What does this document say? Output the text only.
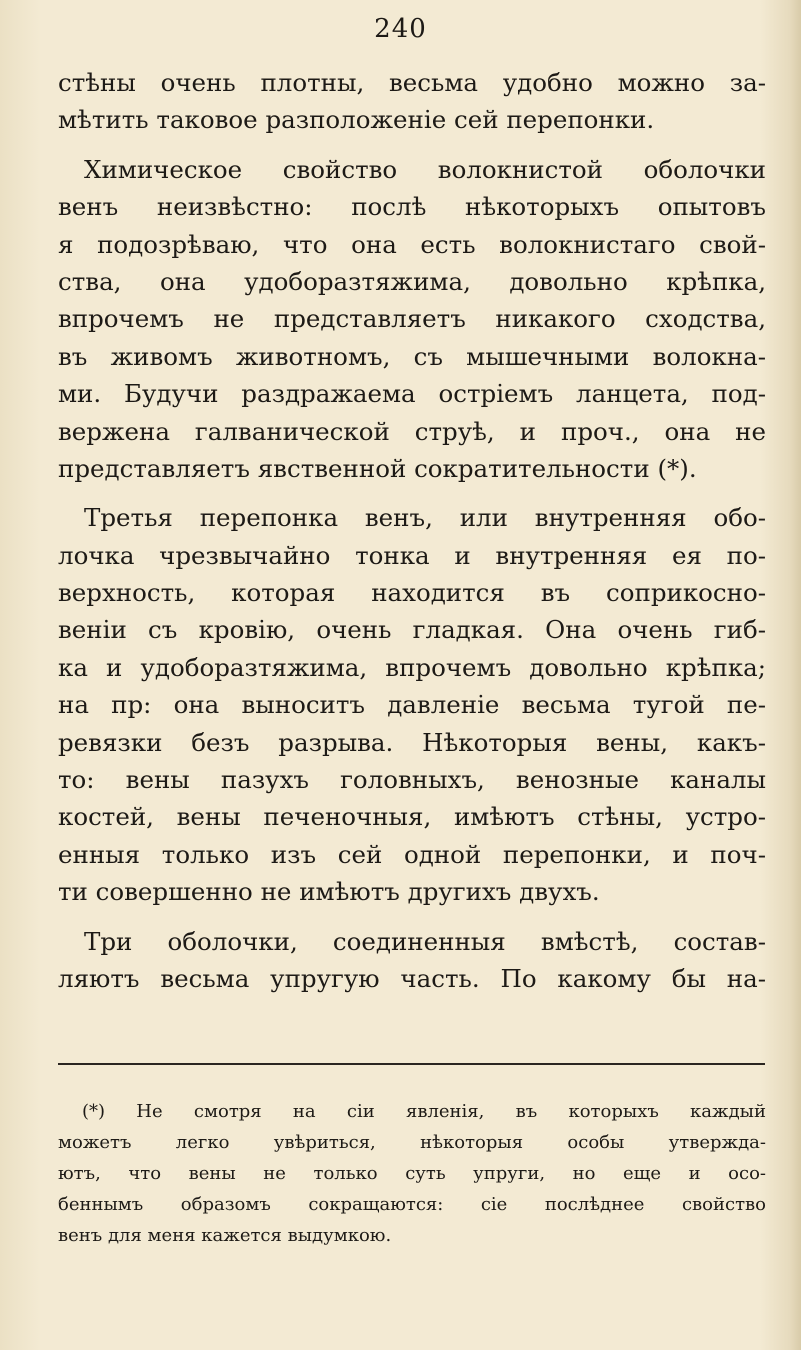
240
стѣны очень плотны, весьма удобно можно за-
мѣтить таковое разположеніе сей перепонки.
Химическое свойство волокнистой оболочки
венъ неизвѣстно: послѣ нѣкоторыхъ опытовъ
я подозрѣваю, что она есть волокнистаго свой-
ства, она удоборазтяжима, довольно крѣпка,
впрочемъ не представляетъ никакого сходства,
въ живомъ животномъ, съ мышечными волокна-
ми. Будучи раздражаема остріемъ ланцета, под-
вержена галванической струѣ, и проч., она не
представляетъ явственной сократительности (*).
Третья перепонка венъ, или внутренняя обо-
лочка чрезвычайно тонка и внутренняя ея по-
верхность, которая находится въ соприкосно-
веніи съ кровію, очень гладкая. Она очень гиб-
ка и удоборазтяжима, впрочемъ довольно крѣпка;
на пр: она выноситъ давленіе весьма тугой пе-
ревязки безъ разрыва. Нѣкоторыя вены, какъ-
то: вены пазухъ головныхъ, венозные каналы
костей, вены печеночныя, имѣютъ стѣны, устро-
енныя только изъ сей одной перепонки, и поч-
ти совершенно не имѣютъ другихъ двухъ.
Три оболочки, соединенныя вмѣстѣ, состав-
ляютъ весьма упругую часть. По какому бы на-
(*) Не смотря на сіи явленія, въ которыхъ каждый
можетъ легко увѣриться, нѣкоторыя особы утвержда-
ютъ, что вены не только суть упруги, но еще и осо-
беннымъ образомъ сокращаются: сіе послѣднее свойство
венъ для меня кажется выдумкою.
